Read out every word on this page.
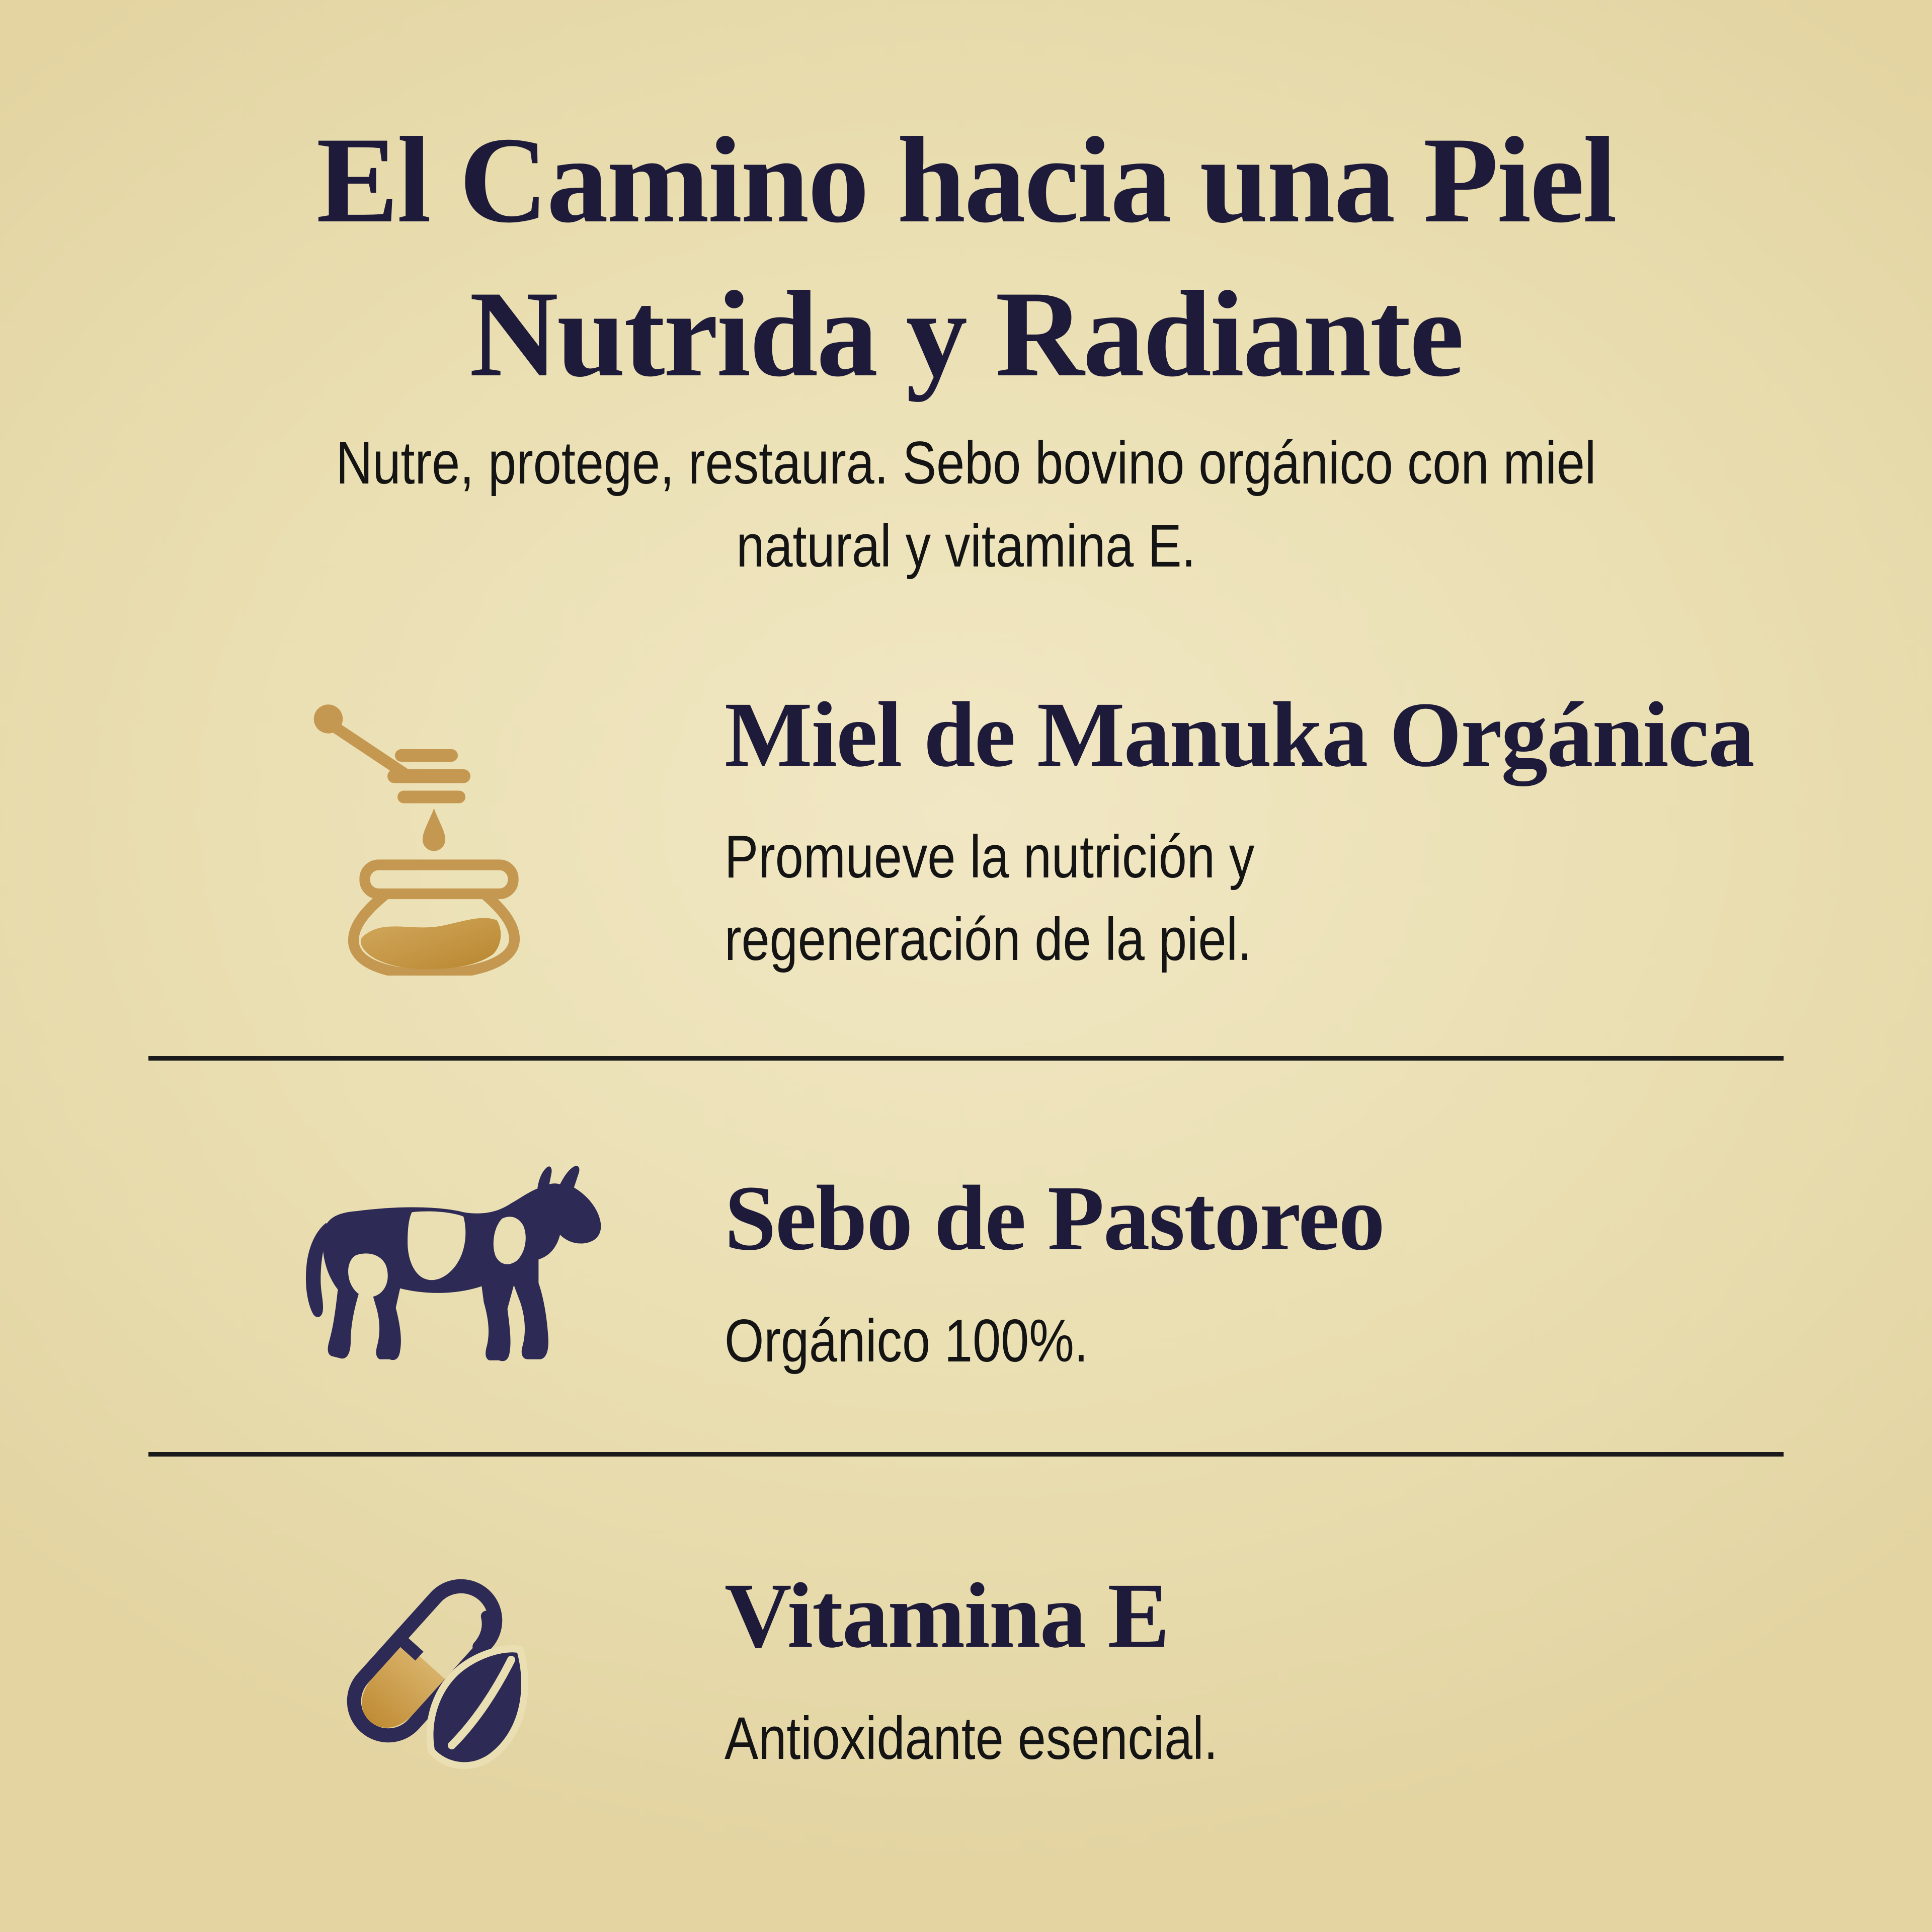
El Camino hacia una Piel
Nutrida y Radiante

Nutre, protege, restaura. Sebo bovino orgánico con miel
natural y vitamina E.

Miel de Manuka Orgánica

Promueve la nutrición y
regeneración de la piel.

Sebo de Pastoreo

Orgánico 100%.

Vitamina E

Antioxidante esencial.
